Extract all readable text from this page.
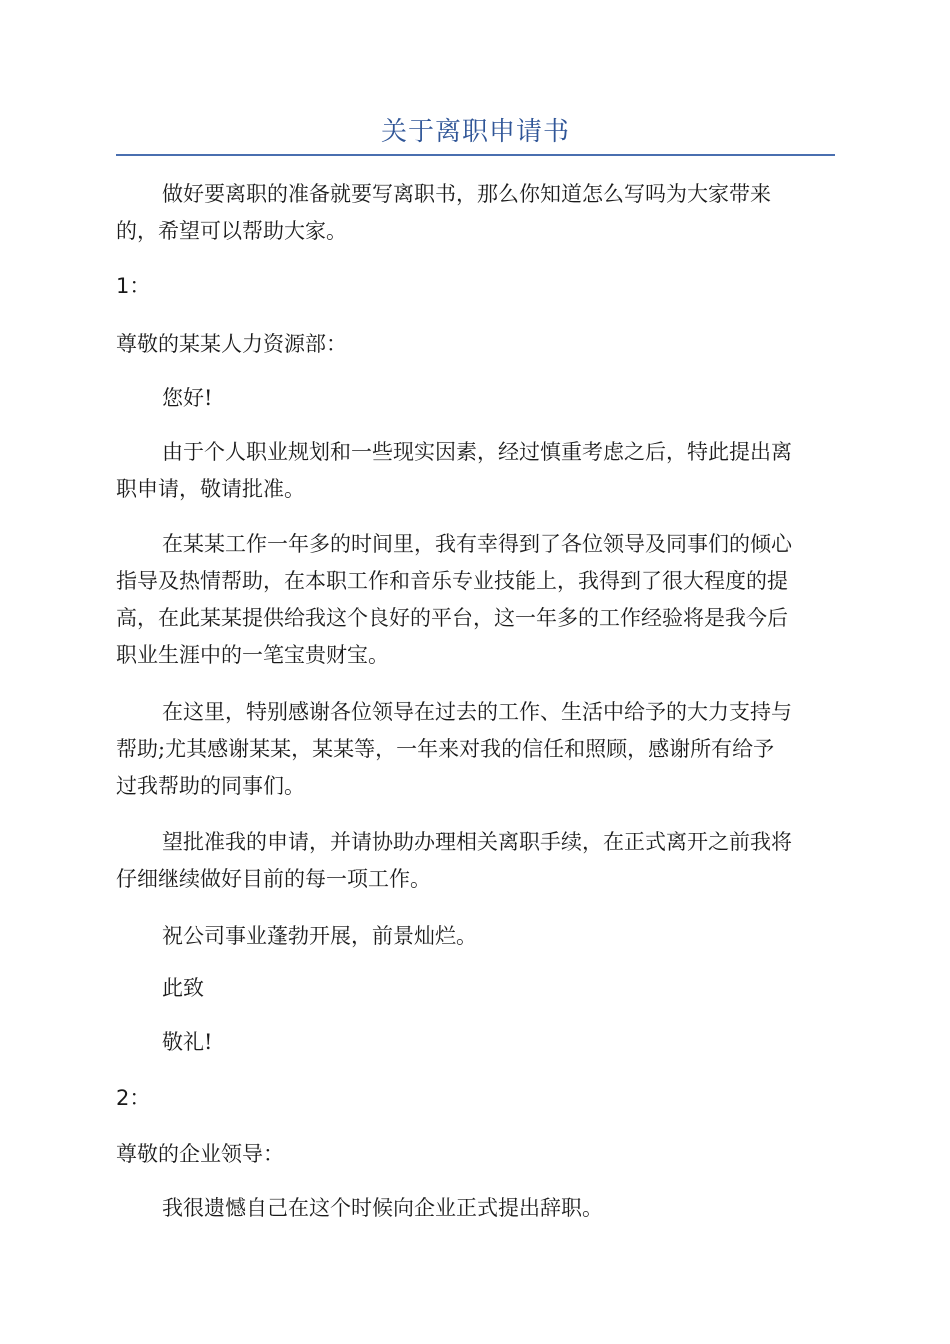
关于离职申请书

做好要离职的准备就要写离职书，那么你知道怎么写吗为大家带来
的，希望可以帮助大家。

1：

尊敬的某某人力资源部：

您好!

由于个人职业规划和一些现实因素，经过慎重考虑之后，特此提出离
职申请，敬请批准。

在某某工作一年多的时间里，我有幸得到了各位领导及同事们的倾心
指导及热情帮助，在本职工作和音乐专业技能上，我得到了很大程度的提
高，在此某某提供给我这个良好的平台，这一年多的工作经验将是我今后
职业生涯中的一笔宝贵财宝。

在这里，特别感谢各位领导在过去的工作、生活中给予的大力支持与
帮助;尤其感谢某某，某某等，一年来对我的信任和照顾，感谢所有给予
过我帮助的同事们。

望批准我的申请，并请协助办理相关离职手续，在正式离开之前我将
仔细继续做好目前的每一项工作。

祝公司事业蓬勃开展，前景灿烂。

此致

敬礼!

2：

尊敬的企业领导：

我很遗憾自己在这个时候向企业正式提出辞职。
